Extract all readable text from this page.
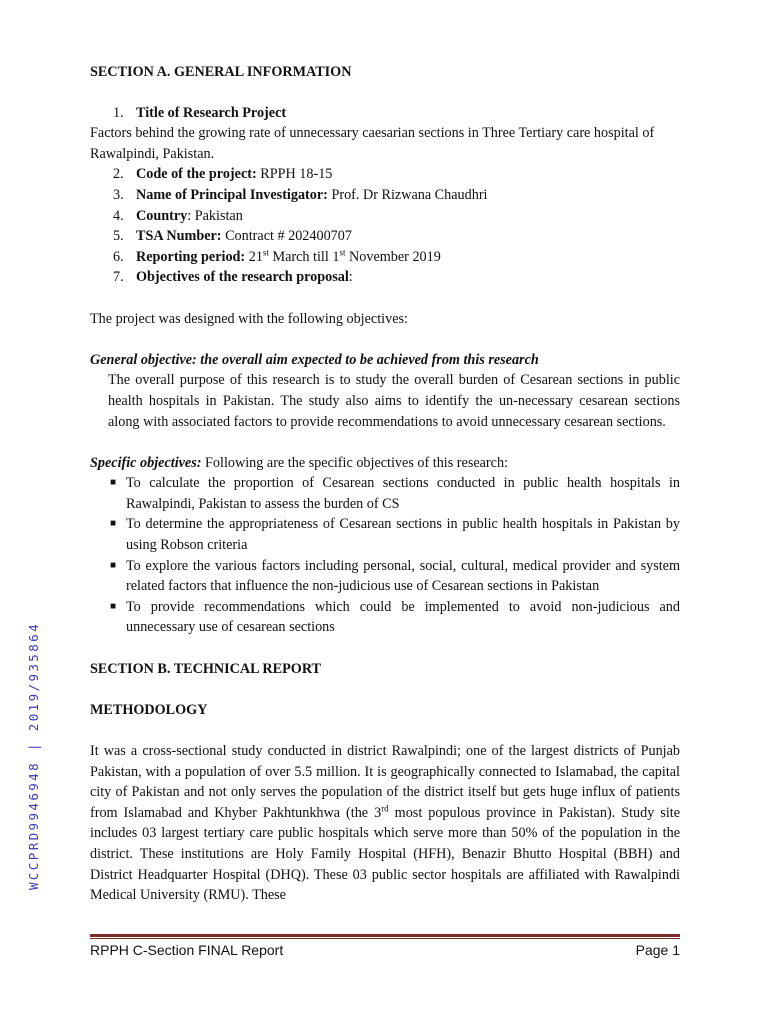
WCCPRD9946948 | 2019/935864
SECTION A. GENERAL INFORMATION
1. Title of Research Project
Factors behind the growing rate of unnecessary caesarian sections in Three Tertiary care hospital of Rawalpindi, Pakistan.
2. Code of the project: RPPH 18-15
3. Name of Principal Investigator: Prof. Dr Rizwana Chaudhri
4. Country: Pakistan
5. TSA Number: Contract # 202400707
6. Reporting period: 21st March till 1st November 2019
7. Objectives of the research proposal:
The project was designed with the following objectives:
General objective: the overall aim expected to be achieved from this research
The overall purpose of this research is to study the overall burden of Cesarean sections in public health hospitals in Pakistan. The study also aims to identify the un-necessary cesarean sections along with associated factors to provide recommendations to avoid unnecessary cesarean sections.
Specific objectives: Following are the specific objectives of this research:
■ To calculate the proportion of Cesarean sections conducted in public health hospitals in Rawalpindi, Pakistan to assess the burden of CS
■ To determine the appropriateness of Cesarean sections in public health hospitals in Pakistan by using Robson criteria
■ To explore the various factors including personal, social, cultural, medical provider and system related factors that influence the non-judicious use of Cesarean sections in Pakistan
■ To provide recommendations which could be implemented to avoid non-judicious and unnecessary use of cesarean sections
SECTION B. TECHNICAL REPORT
METHODOLOGY
It was a cross-sectional study conducted in district Rawalpindi; one of the largest districts of Punjab Pakistan, with a population of over 5.5 million. It is geographically connected to Islamabad, the capital city of Pakistan and not only serves the population of the district itself but gets huge influx of patients from Islamabad and Khyber Pakhtunkhwa (the 3rd most populous province in Pakistan). Study site includes 03 largest tertiary care public hospitals which serve more than 50% of the population in the district. These institutions are Holy Family Hospital (HFH), Benazir Bhutto Hospital (BBH) and District Headquarter Hospital (DHQ). These 03 public sector hospitals are affiliated with Rawalpindi Medical University (RMU). These
RPPH C-Section FINAL Report	Page 1
